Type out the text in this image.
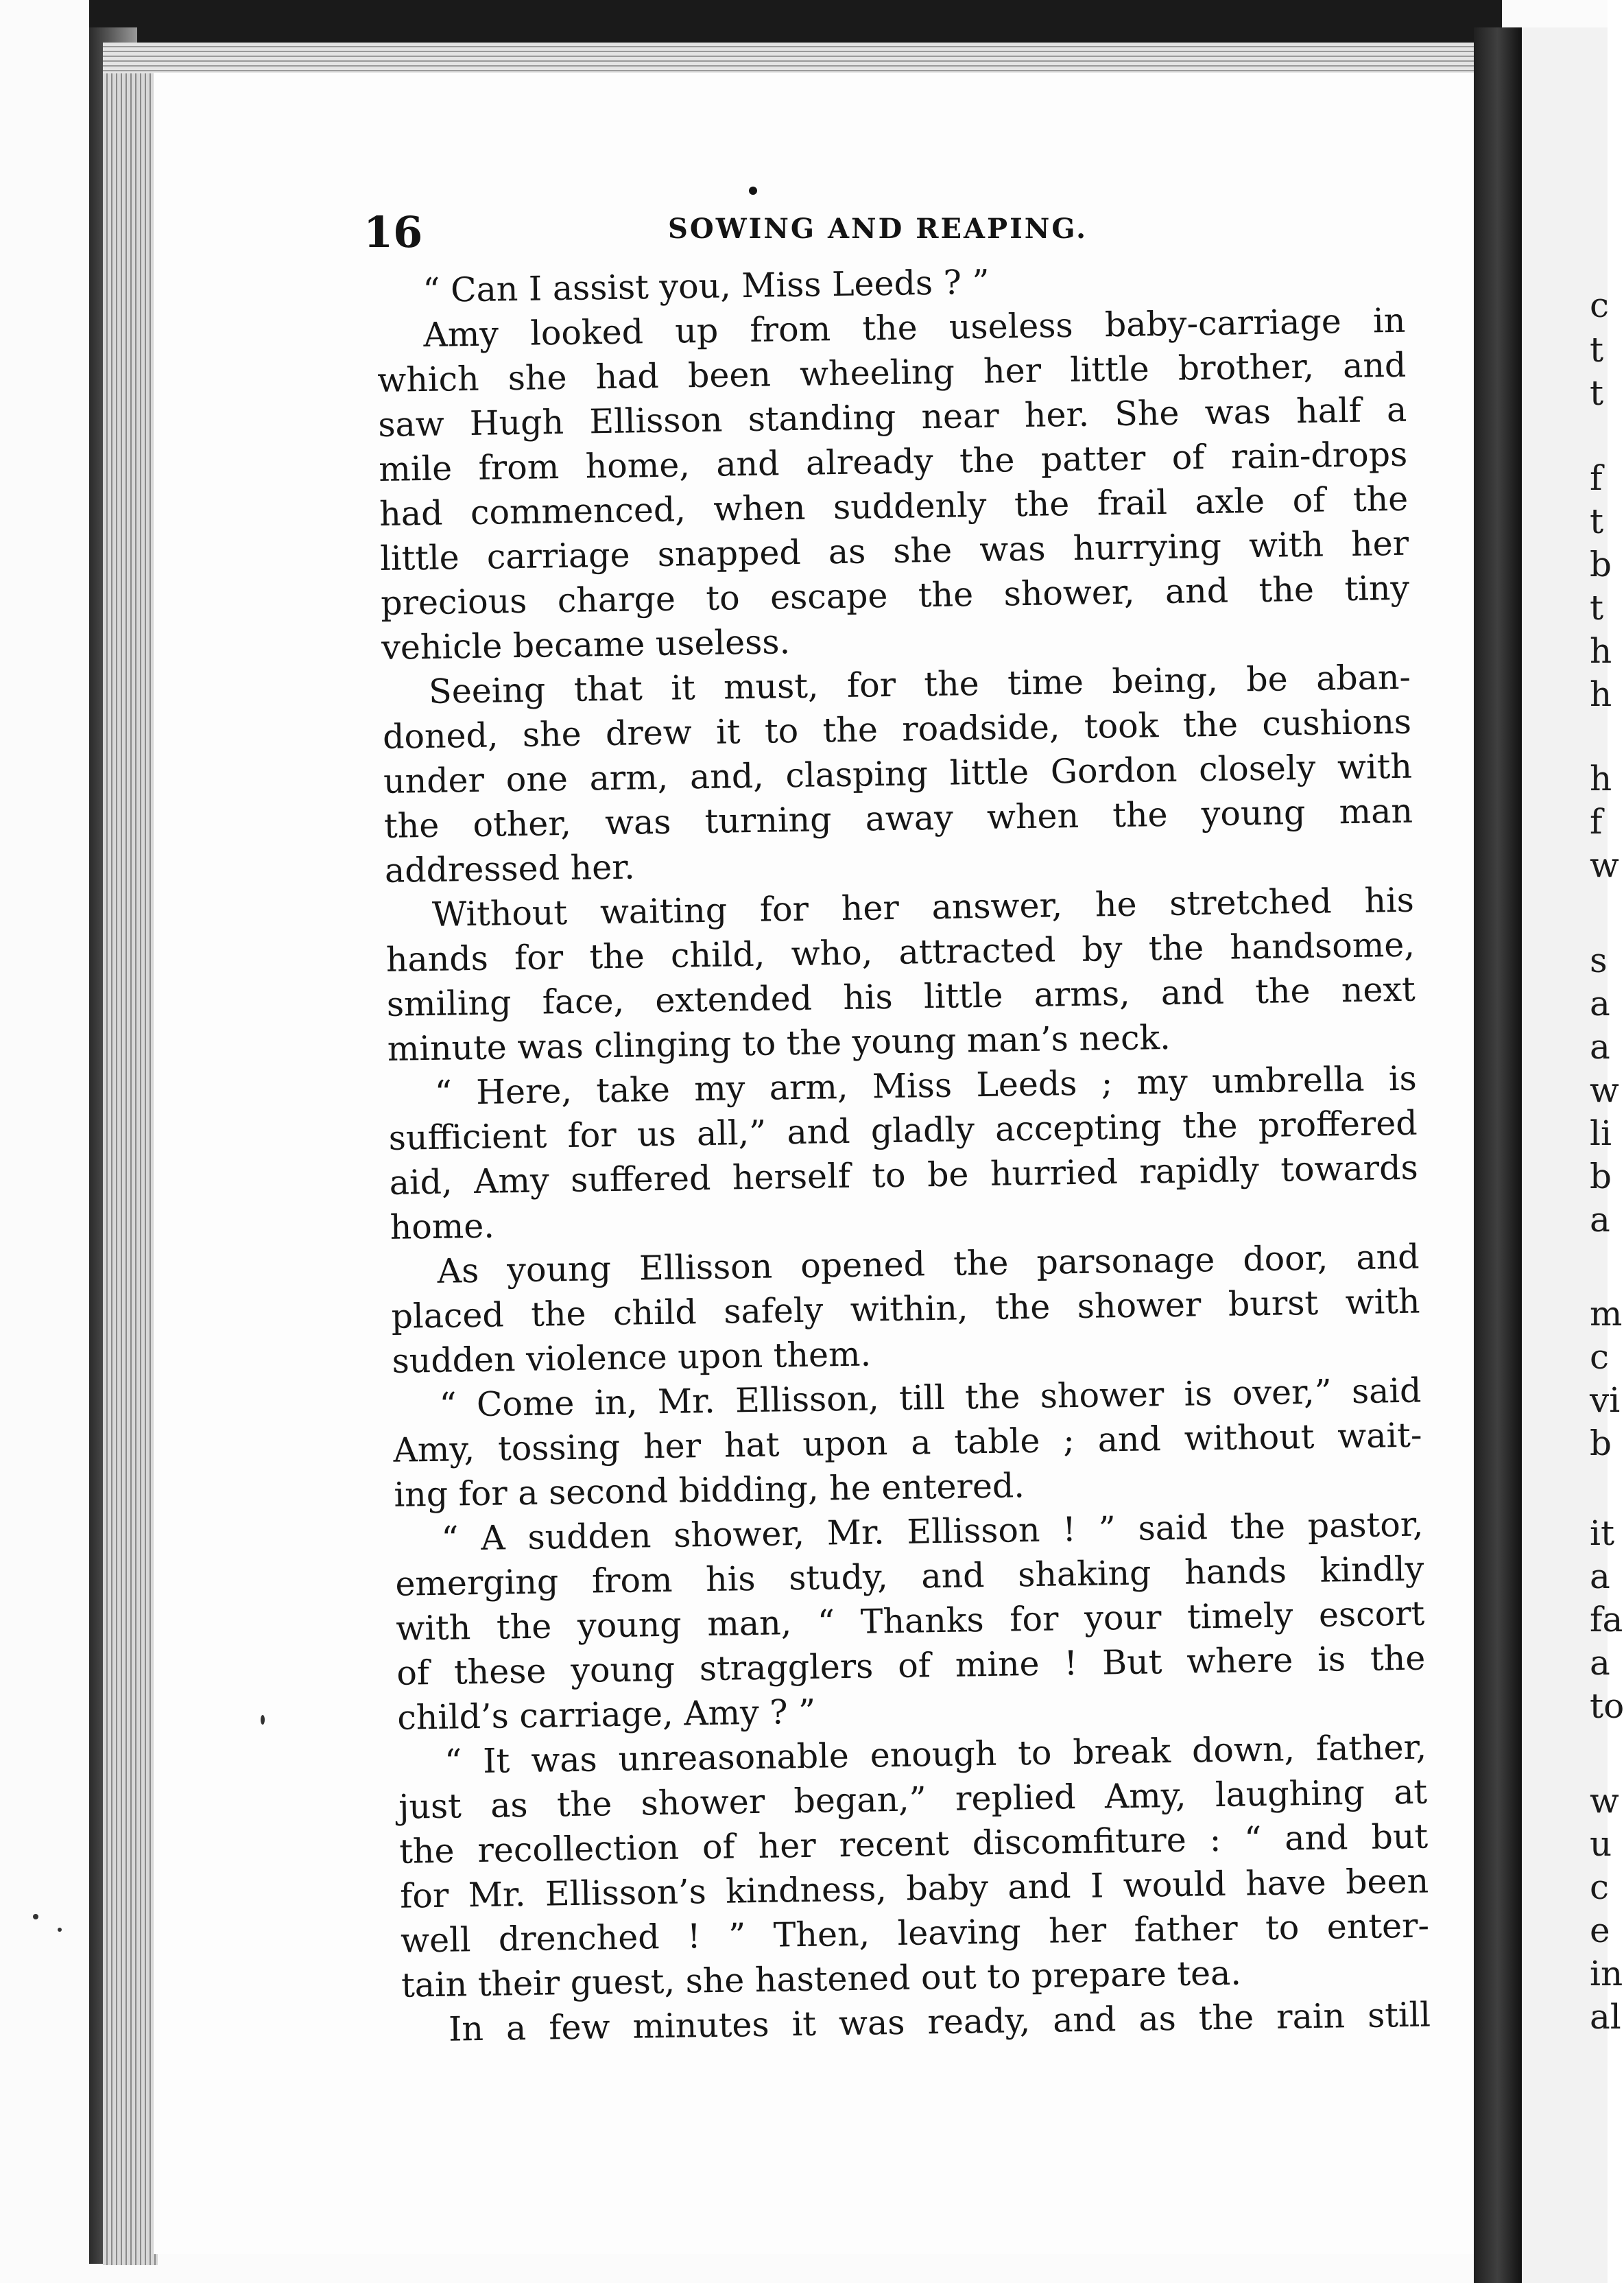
16	SOWING AND REAPING.
“ Can I assist you, Miss Leeds ? ”
Amy looked up from the useless baby-carriage in
which she had been wheeling her little brother, and
saw Hugh Ellisson standing near her. She was half a
mile from home, and already the patter of rain-drops
had commenced, when suddenly the frail axle of the
little carriage snapped as she was hurrying with her
precious charge to escape the shower, and the tiny
vehicle became useless.
Seeing that it must, for the time being, be aban-
doned, she drew it to the roadside, took the cushions
under one arm, and, clasping little Gordon closely with
the other, was turning away when the young man
addressed her.
Without waiting for her answer, he stretched his
hands for the child, who, attracted by the handsome,
smiling face, extended his little arms, and the next
minute was clinging to the young man’s neck.
“ Here, take my arm, Miss Leeds ; my umbrella is
sufficient for us all,” and gladly accepting the proffered
aid, Amy suffered herself to be hurried rapidly towards
home.
As young Ellisson opened the parsonage door, and
placed the child safely within, the shower burst with
sudden violence upon them.
“ Come in, Mr. Ellisson, till the shower is over,” said
Amy, tossing her hat upon a table ; and without wait-
ing for a second bidding, he entered.
“ A sudden shower, Mr. Ellisson ! ” said the pastor,
emerging from his study, and shaking hands kindly
with the young man, “ Thanks for your timely escort
of these young stragglers of mine ! But where is the
child’s carriage, Amy ? ”
“ It was unreasonable enough to break down, father,
just as the shower began,” replied Amy, laughing at
the recollection of her recent discomfiture : “ and but
for Mr. Ellisson’s kindness, baby and I would have been
well drenched ! ” Then, leaving her father to enter-
tain their guest, she hastened out to prepare tea.
In a few minutes it was ready, and as the rain still
c
t
t
f
t
b
t
h
h
h
f
w
s
a
a
w
li
b
a
m
c
vi
b
it
a
fa
a
to
w
u
c
e
in
al
